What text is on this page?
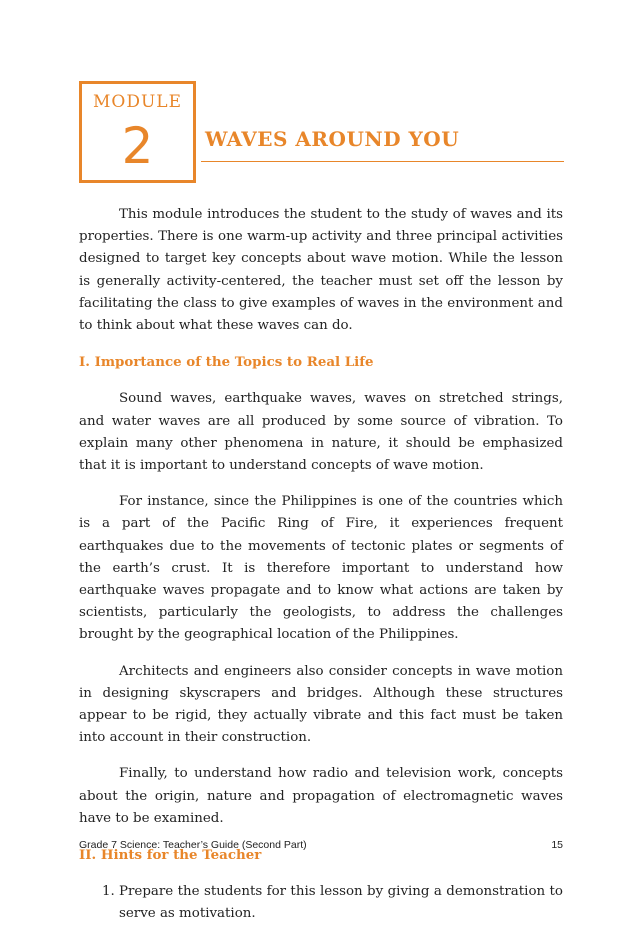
MODULE
2	WAVES AROUND YOU

This module introduces the student to the study of waves and its properties. There is one warm-up activity and three principal activities designed to target key concepts about wave motion. While the lesson is generally activity-centered, the teacher must set off the lesson by facilitating the class to give examples of waves in the environment and to think about what these waves can do.

I. Importance of the Topics to Real Life

Sound waves, earthquake waves, waves on stretched strings, and water waves are all produced by some source of vibration. To explain many other phenomena in nature, it should be emphasized that it is important to understand concepts of wave motion.

For instance, since the Philippines is one of the countries which is a part of the Pacific Ring of Fire, it experiences frequent earthquakes due to the movements of tectonic plates or segments of the earth’s crust. It is therefore important to understand how earthquake waves propagate and to know what actions are taken by scientists, particularly the geologists, to address the challenges brought by the geographical location of the Philippines.

Architects and engineers also consider concepts in wave motion in designing skyscrapers and bridges. Although these structures appear to be rigid, they actually vibrate and this fact must be taken into account in their construction.

Finally, to understand how radio and television work, concepts about the origin, nature and propagation of electromagnetic waves have to be examined.

II. Hints for the Teacher
1. Prepare the students for this lesson by giving a demonstration to serve as motivation.
Grade 7 Science: Teacher’s Guide (Second Part)	15
